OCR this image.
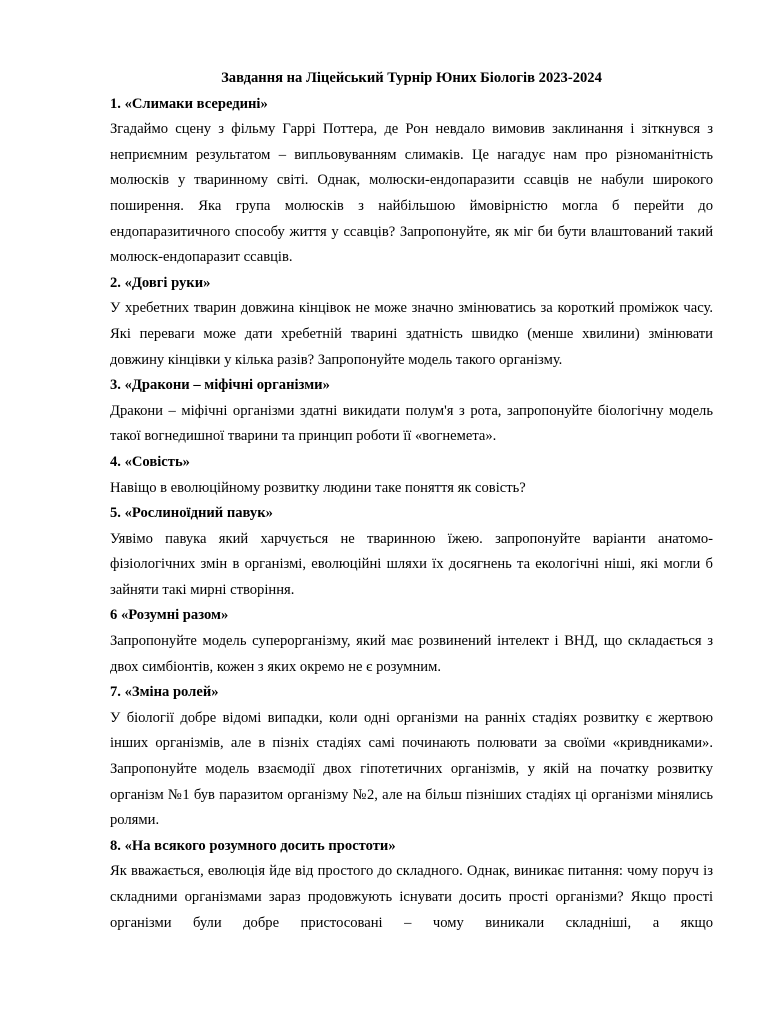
Завдання на Ліцейський Турнір Юних Біологів 2023-2024

1. «Слимаки всередині»

Згадаймо сцену з фільму Гаррі Поттера, де Рон невдало вимовив заклинання і зіткнувся з неприємним результатом – випльовуванням слимаків. Це нагадує нам про різноманітність молюсків у тваринному світі. Однак, молюски-ендопаразити ссавців не набули широкого поширення. Яка група молюсків з найбільшою ймовірністю могла б перейти до ендопаразитичного способу життя у ссавців? Запропонуйте, як міг би бути влаштований такий молюск-ендопаразит ссавців.

2. «Довгі руки»

У хребетних тварин довжина кінцівок не може значно змінюватись за короткий проміжок часу. Які переваги може дати хребетній тварині здатність швидко (менше хвилини) змінювати довжину кінцівки у кілька разів? Запропонуйте модель такого організму.

3. «Дракони – міфічні організми»

Дракони – міфічні організми здатні викидати полум'я з рота, запропонуйте біологічну модель такої вогнедишної тварини та принцип роботи її «вогнемета».

4. «Совість»

Навіщо в еволюційному розвитку людини таке поняття як совість?

5. «Рослиноїдний павук»

Уявімо павука який харчується не тваринною їжею. запропонуйте варіанти анатомо-фізіологічних змін в організмі, еволюційні шляхи їх досягнень та екологічні ніші, які могли б зайняти такі мирні створіння.

6 «Розумні разом»

Запропонуйте модель суперорганізму, який має розвинений інтелект і ВНД, що складається з двох симбіонтів, кожен з яких окремо не є розумним.

7. «Зміна ролей»

У біології добре відомі випадки, коли одні організми на ранніх стадіях розвитку є жертвою інших організмів, але в пізніх стадіях самі починають полювати за своїми «кривдниками». Запропонуйте модель взаємодії двох гіпотетичних організмів, у якій на початку розвитку організм №1 був паразитом організму №2, але на більш пізніших стадіях ці організми мінялись ролями.

8. «На всякого розумного досить простоти»

Як вважається, еволюція йде від простого до складного. Однак, виникає питання: чому поруч із складними організмами зараз продовжують існувати досить прості організми? Якщо прості організми були добре пристосовані – чому виникали складніші, а якщо
